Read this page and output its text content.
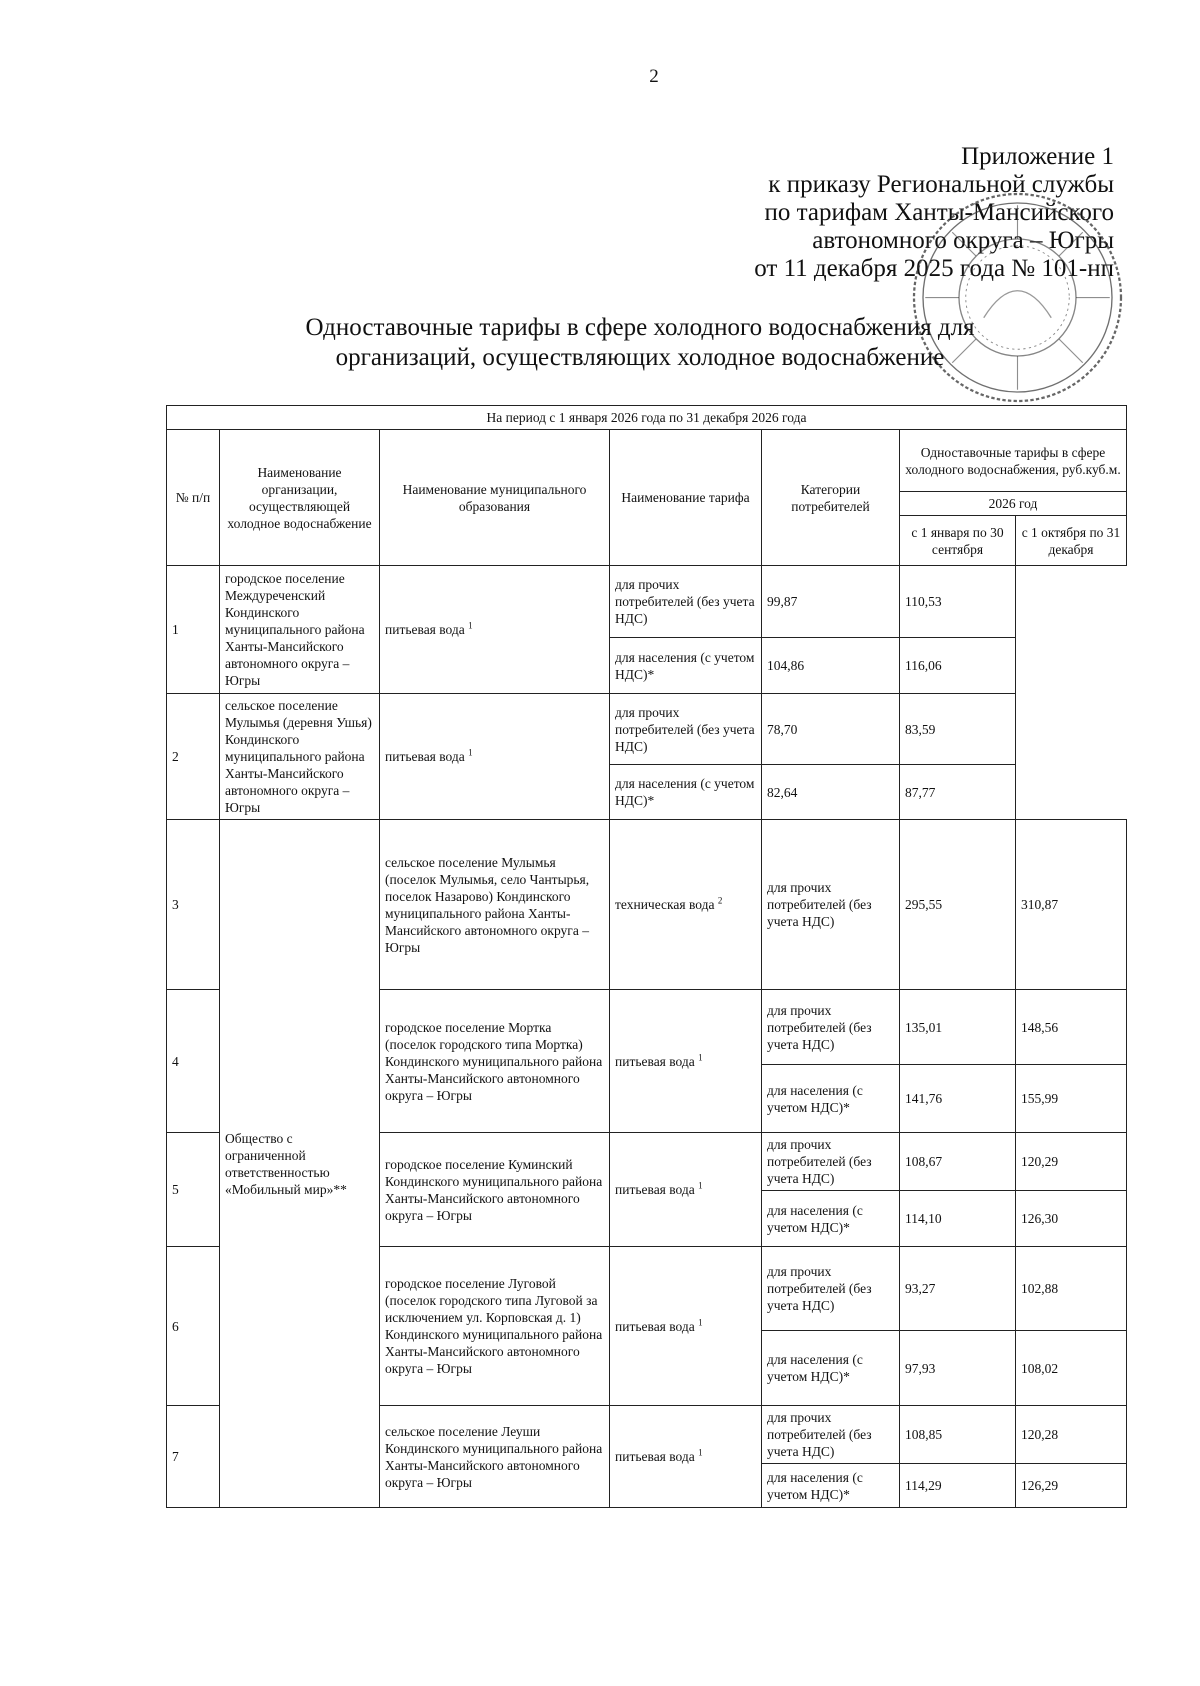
2
Приложение 1
к приказу Региональной службы
по тарифам Ханты-Мансийского
автономного округа – Югры
от 11 декабря 2025 года № 101-нп
Одноставочные тарифы в сфере холодного водоснабжения для
организаций, осуществляющих холодное водоснабжение
На период с 1 января 2026 года по 31 декабря 2026 года						
№ п/п	Наименование организации, осуществляющей холодное водоснабжение	Наименование муниципального образования	Наименование тарифа	Категории потребителей	Одноставочные тарифы в сфере холодного водоснабжения, руб.куб.м.	
					2026 год	
					с 1 января по 30 сентября	с 1 октября по 31 декабря
1	городское поселение Междуреченский Кондинского муниципального района Ханты-Мансийского автономного округа – Югры	питьевая вода $^1$	для прочих потребителей (без учета НДС)	99,87	110,53	
			для населения (с учетом НДС)*	104,86	116,06	
2	сельское поселение Мулымья (деревня Ушья) Кондинского муниципального района Ханты-Мансийского автономного округа – Югры	питьевая вода $^1$	для прочих потребителей (без учета НДС)	78,70	83,59	
			для населения (с учетом НДС)*	82,64	87,77	
3	Общество с ограниченной ответственностью «Мобильный мир»**	сельское поселение Мулымья (поселок Мулымья, село Чантырья, поселок Назарово) Кондинского муниципального района Ханты-Мансийского автономного округа – Югры	техническая вода $^2$	для прочих потребителей (без учета НДС)	295,55	310,87
4		городское поселение Мортка (поселок городского типа Мортка) Кондинского муниципального района Ханты-Мансийского автономного округа – Югры	питьевая вода $^1$	для прочих потребителей (без учета НДС)	135,01	148,56
				для населения (с учетом НДС)*	141,76	155,99
5		городское поселение Куминский Кондинского муниципального района Ханты-Мансийского автономного округа – Югры	питьевая вода $^1$	для прочих потребителей (без учета НДС)	108,67	120,29
				для населения (с учетом НДС)*	114,10	126,30
6		городское поселение Луговой (поселок городского типа Луговой за исключением ул. Корповская д. 1) Кондинского муниципального района Ханты-Мансийского автономного округа – Югры	питьевая вода $^1$	для прочих потребителей (без учета НДС)	93,27	102,88
				для населения (с учетом НДС)*	97,93	108,02
7		сельское поселение Леуши Кондинского муниципального района Ханты-Мансийского автономного округа – Югры	питьевая вода $^1$	для прочих потребителей (без учета НДС)	108,85	120,28
				для населения (с учетом НДС)*	114,29	126,29
